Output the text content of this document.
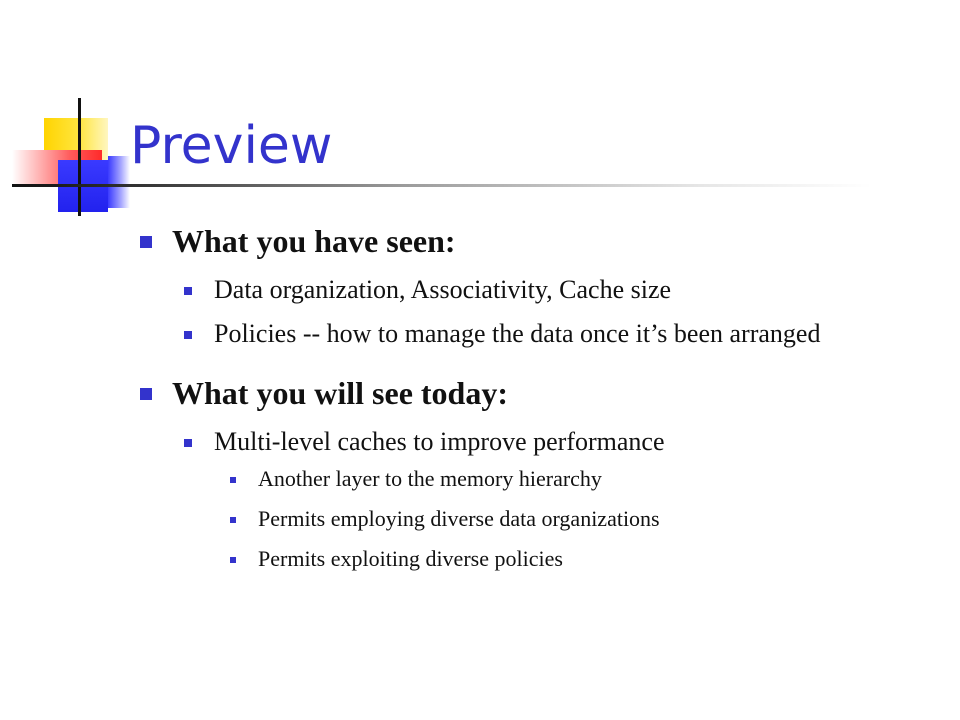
Preview
What you have seen:
Data organization, Associativity, Cache size
Policies -- how to manage the data once it’s been arranged
What you will see today:
Multi-level caches to improve performance
Another layer to the memory hierarchy
Permits employing diverse data organizations
Permits exploiting diverse policies
